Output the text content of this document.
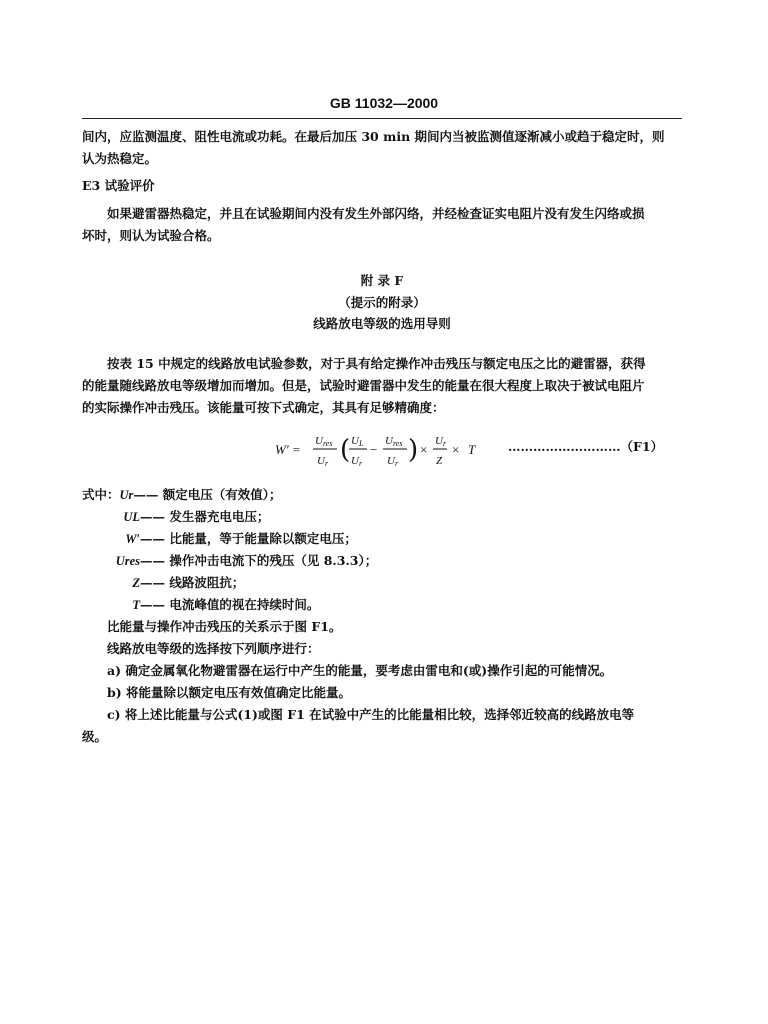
GB 11032—2000
间内，应监测温度、阻性电流或功耗。在最后加压 30 min 期间内当被监测值逐渐减小或趋于稳定时，则
认为热稳定。
E3 试验评价
如果避雷器热稳定，并且在试验期间内没有发生外部闪络，并经检查证实电阻片没有发生闪络或损
坏时，则认为试验合格。
附 录 F
（提示的附录）
线路放电等级的选用导则
按表 15 中规定的线路放电试验参数，对于具有给定操作冲击残压与额定电压之比的避雷器，获得
的能量随线路放电等级增加而增加。但是，试验时避雷器中发生的能量在很大程度上取决于被试电阻片
的实际操作冲击残压。该能量可按下式确定，其具有足够精确度：
W′ =
Ures
Ur ( UL
Ur
−
Ures
Ur ) ×
Ur
Z
× T	………………………（F1）
式中：Ur—— 额定电压（有效值）；
UL—— 发生器充电电压；
W′—— 比能量，等于能量除以额定电压；
Ures—— 操作冲击电流下的残压（见 8.3.3）；
Z—— 线路波阻抗；
T—— 电流峰值的视在持续时间。
比能量与操作冲击残压的关系示于图 F1。
线路放电等级的选择按下列顺序进行：
a) 确定金属氧化物避雷器在运行中产生的能量，要考虑由雷电和(或)操作引起的可能情况。
b) 将能量除以额定电压有效值确定比能量。
c) 将上述比能量与公式(1)或图 F1 在试验中产生的比能量相比较，选择邻近较高的线路放电等
级。
